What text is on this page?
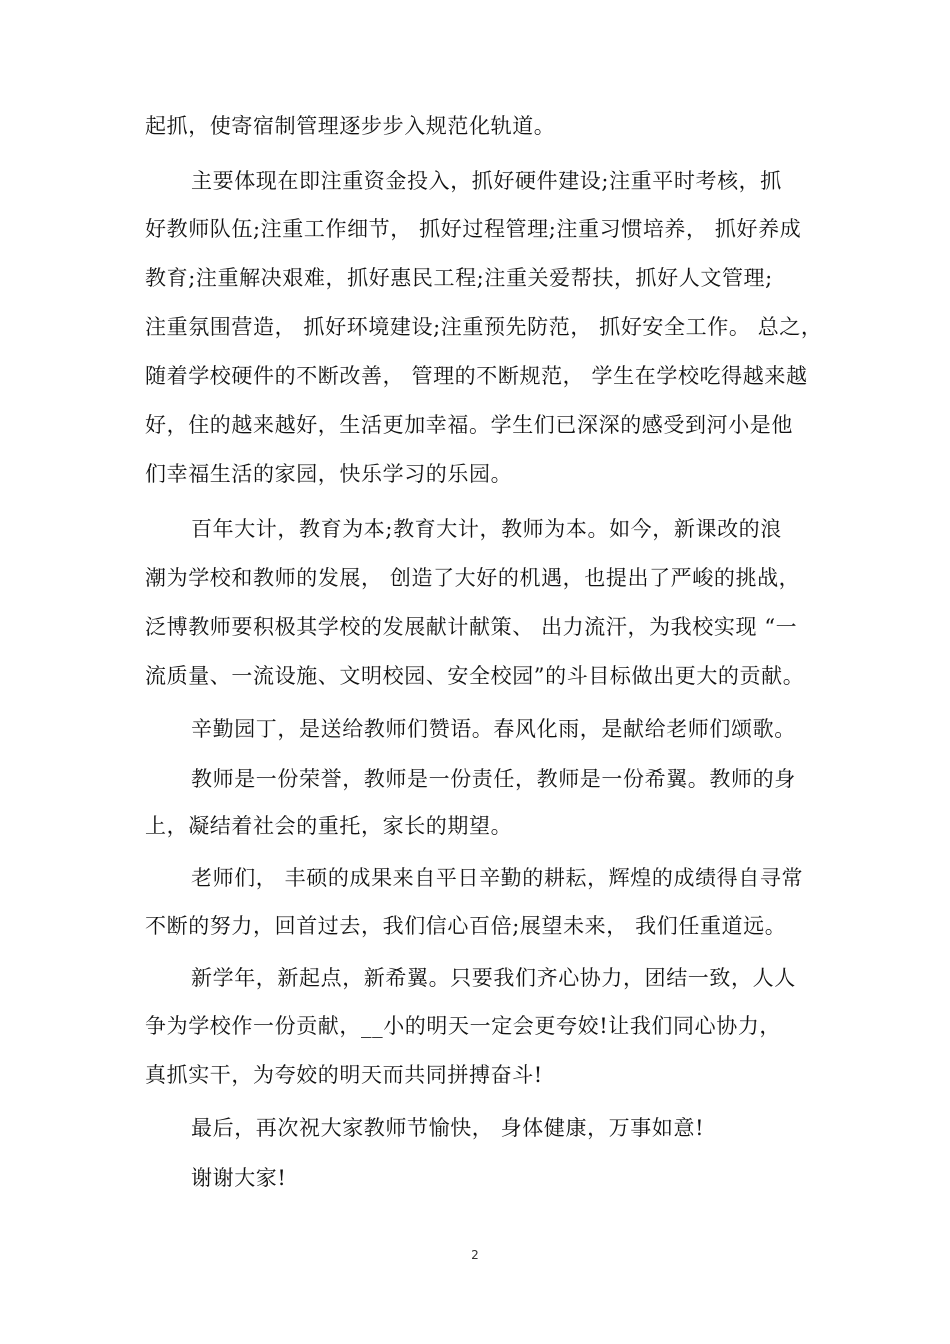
起抓，使寄宿制管理逐步步入规范化轨道。
主要体现在即注重资金投入，抓好硬件建设;注重平时考核，抓
好教师队伍;注重工作细节， 抓好过程管理;注重习惯培养， 抓好养成
教育;注重解决艰难，抓好惠民工程;注重关爱帮扶，抓好人文管理;
注重氛围营造， 抓好环境建设;注重预先防范， 抓好安全工作。 总之，
随着学校硬件的不断改善， 管理的不断规范， 学生在学校吃得越来越
好，住的越来越好，生活更加幸福。学生们已深深的感受到河小是他
们幸福生活的家园，快乐学习的乐园。
百年大计，教育为本;教育大计，教师为本。如今，新课改的浪
潮为学校和教师的发展， 创造了大好的机遇，也提出了严峻的挑战，
泛博教师要积极其学校的发展献计献策、 出力流汗，为我校实现 “一
流质量、一流设施、文明校园、安全校园”的斗目标做出更大的贡献。
辛勤园丁，是送给教师们赞语。春风化雨，是献给老师们颂歌。
教师是一份荣誉，教师是一份责任，教师是一份希翼。教师的身
上，凝结着社会的重托，家长的期望。
老师们， 丰硕的成果来自平日辛勤的耕耘，辉煌的成绩得自寻常
不断的努力，回首过去，我们信心百倍;展望未来， 我们任重道远。
新学年，新起点，新希翼。只要我们齐心协力，团结一致，人人
争为学校作一份贡献，__小的明天一定会更夸姣!让我们同心协力，
真抓实干，为夸姣的明天而共同拼搏奋斗!
最后，再次祝大家教师节愉快， 身体健康，万事如意!
谢谢大家!
2
